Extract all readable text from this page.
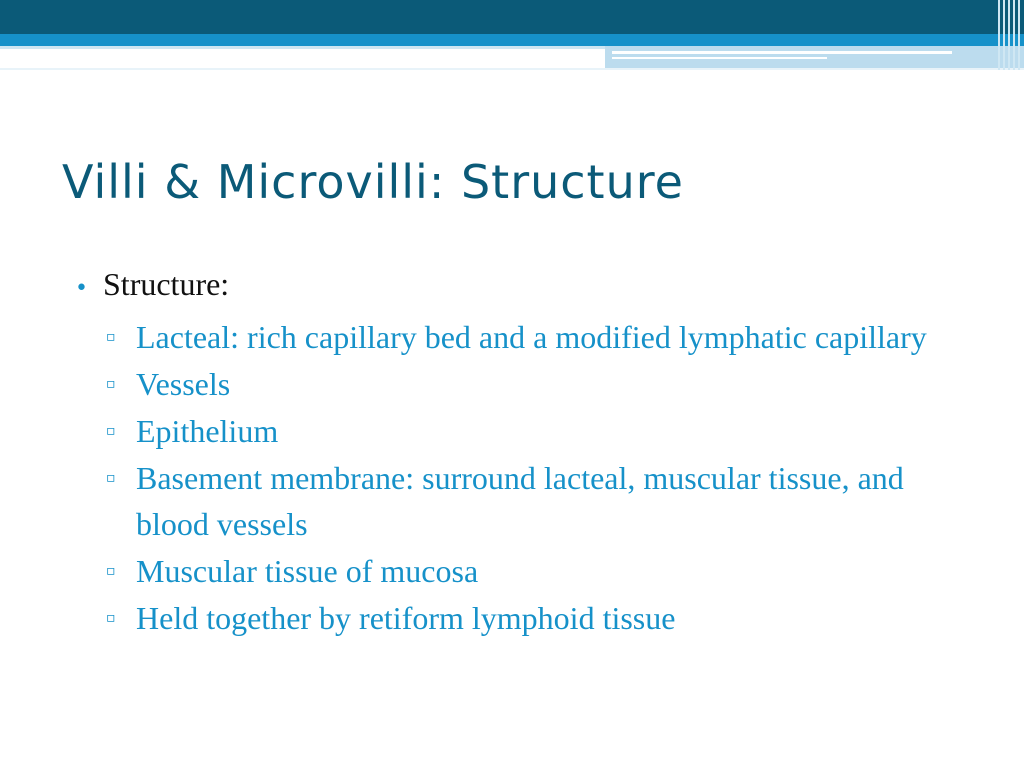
Villi & Microvilli: Structure
• Structure:
▫ Lacteal: rich capillary bed and a modified lymphatic capillary
▫ Vessels
▫ Epithelium
▫ Basement membrane: surround lacteal, muscular tissue, and blood vessels
▫ Muscular tissue of mucosa
▫ Held together by retiform lymphoid tissue
